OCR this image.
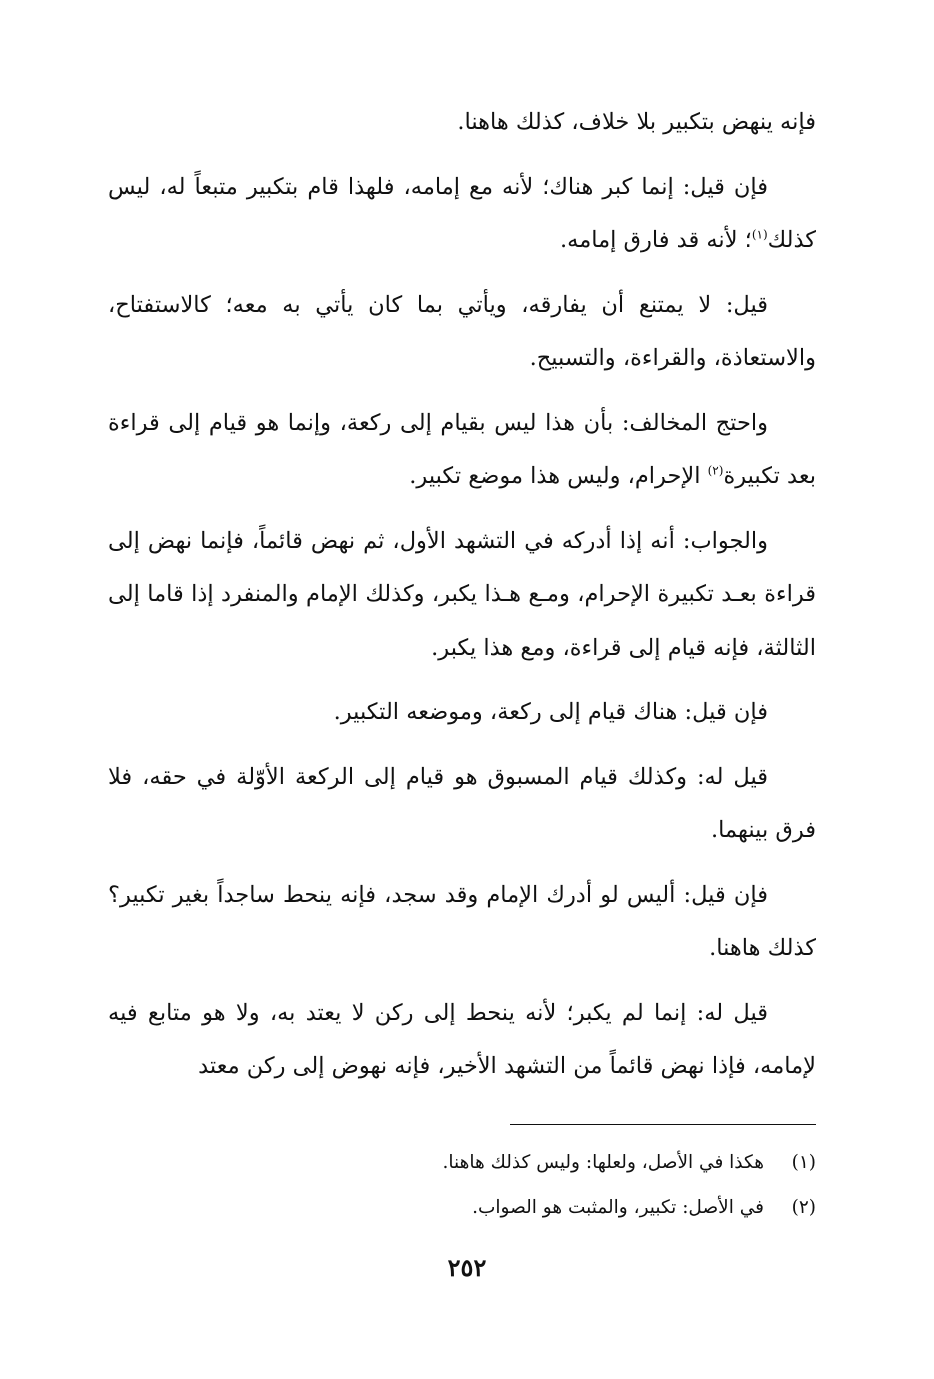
فإنه ينهض بتكبير بلا خلاف، كذلك هاهنا.

فإن قيل: إنما كبر هناك؛ لأنه مع إمامه، فلهذا قام بتكبير متبعاً له، ليس كذلك$^{(١)}$؛ لأنه قد فارق إمامه.

قيل: لا يمتنع أن يفارقه، ويأتي بما كان يأتي به معه؛ كالاستفتاح، والاستعاذة، والقراءة، والتسبيح.

واحتج المخالف: بأن هذا ليس بقيام إلى ركعة، وإنما هو قيام إلى قراءة بعد تكبيرة$^{(٢)}$ الإحرام، وليس هذا موضع تكبير.

والجواب: أنه إذا أدركه في التشهد الأول، ثم نهض قائماً، فإنما نهض إلى قراءة بعـد تكبيرة الإحرام، ومـع هـذا يكبر، وكذلك الإمام والمنفرد إذا قاما إلى الثالثة، فإنه قيام إلى قراءة، ومع هذا يكبر.

فإن قيل: هناك قيام إلى ركعة، وموضعه التكبير.

قيل له: وكذلك قيام المسبوق هو قيام إلى الركعة الأوّلة في حقه، فلا فرق بينهما.

فإن قيل: أليس لو أدرك الإمام وقد سجد، فإنه ينحط ساجداً بغير تكبير؟ كذلك هاهنا.

قيل له: إنما لم يكبر؛ لأنه ينحط إلى ركن لا يعتد به، ولا هو متابع فيه لإمامه، فإذا نهض قائماً من التشهد الأخير، فإنه نهوض إلى ركن معتد

(١)
هكذا في الأصل، ولعلها: وليس كذلك هاهنا.

(٢)
في الأصل: تكبير، والمثبت هو الصواب.

٢٥٢
